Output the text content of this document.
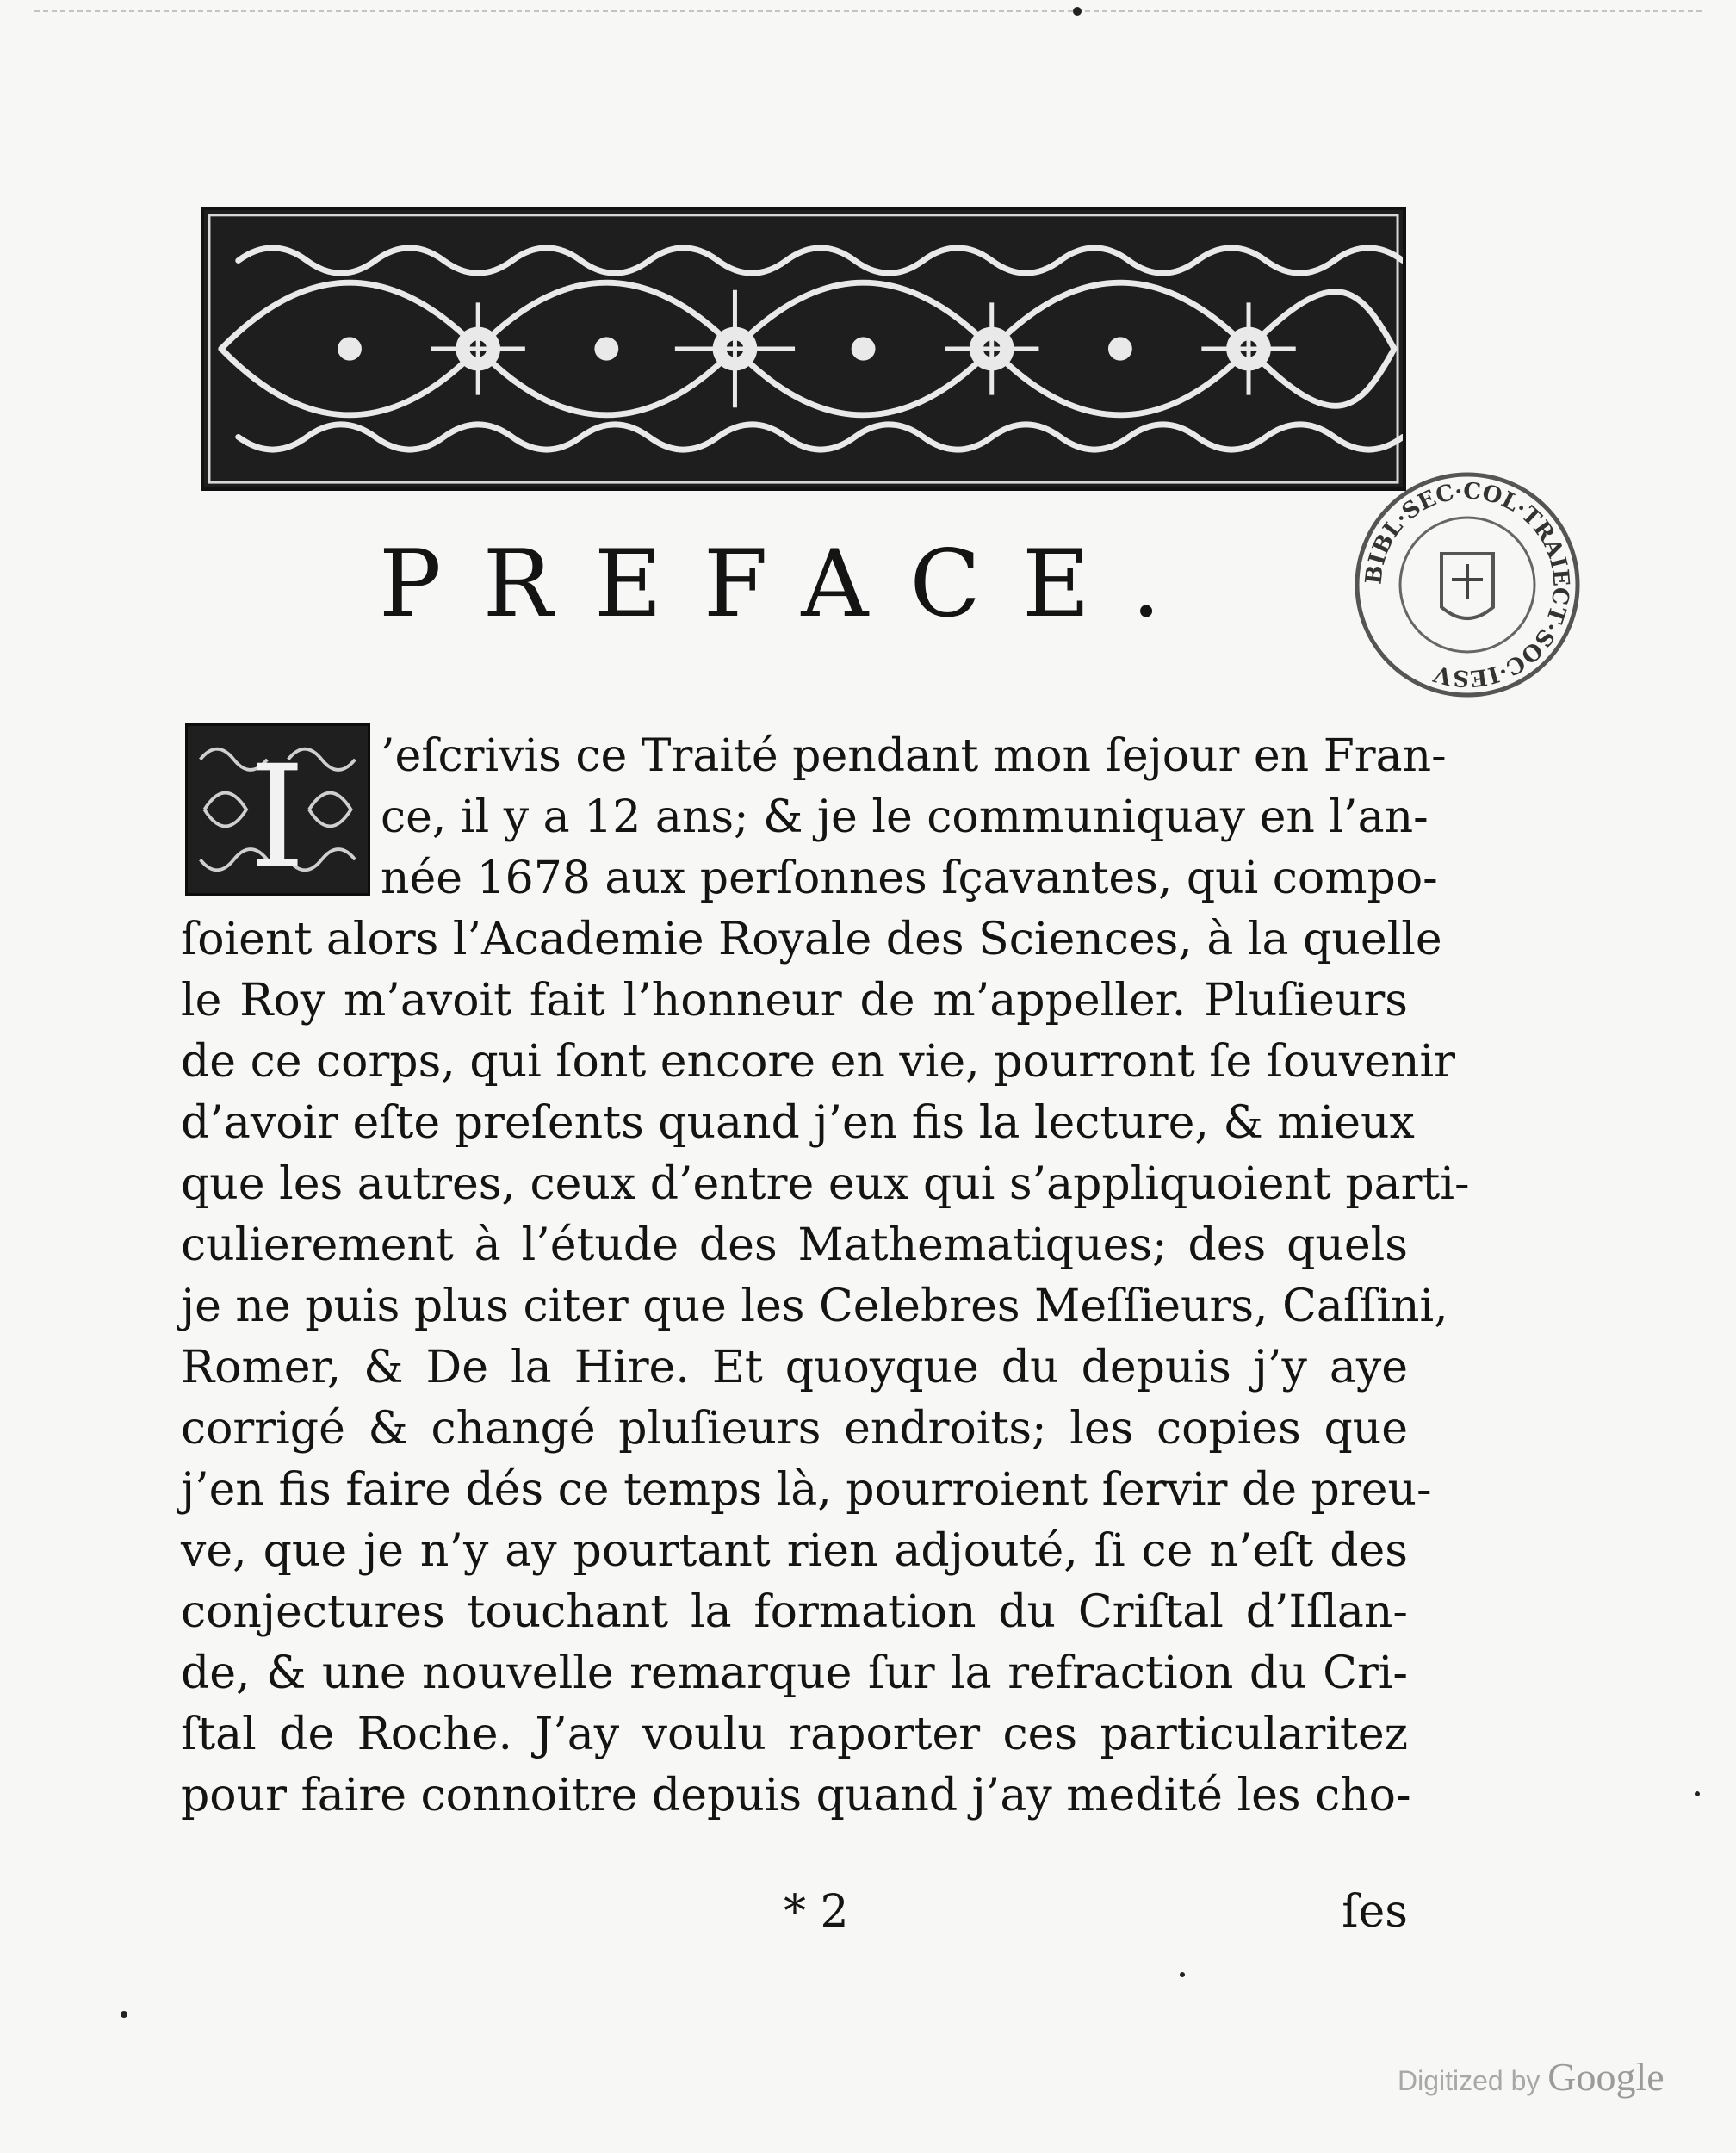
BIBL·SEC·COL·TRAIECT·SOC·IESV
PREFACE.
I	’eſcrivis ce Traité pendant mon ſejour en Fran-
ce, il y a 12 ans; & je le communiquay en l’an-
née 1678 aux perſonnes ſçavantes, qui compo-
ſoient alors l’Academie Royale des Sciences, à la quelle
le Roy m’avoit fait l’honneur de m’appeller. Pluſieurs
de ce corps, qui ſont encore en vie, pourront ſe ſouvenir
d’avoir eſte preſents quand j’en fis la lecture, & mieux
que les autres, ceux d’entre eux qui s’appliquoient parti-
culierement à l’étude des Mathematiques; des quels
je ne puis plus citer que les Celebres Meſſieurs, Caſſini,
Romer, & De la Hire. Et quoyque du depuis j’y aye
corrigé & changé pluſieurs endroits; les copies que
j’en fis faire dés ce temps là, pourroient ſervir de preu-
ve, que je n’y ay pourtant rien adjouté, ſi ce n’eſt des
conjectures touchant la formation du Criſtal d’Iſlan-
de, & une nouvelle remarque ſur la refraction du Cri-
ſtal de Roche. J’ay voulu raporter ces particularitez
pour faire connoitre depuis quand j’ay medité les cho-
* 2	ſes
Digitized by Google
